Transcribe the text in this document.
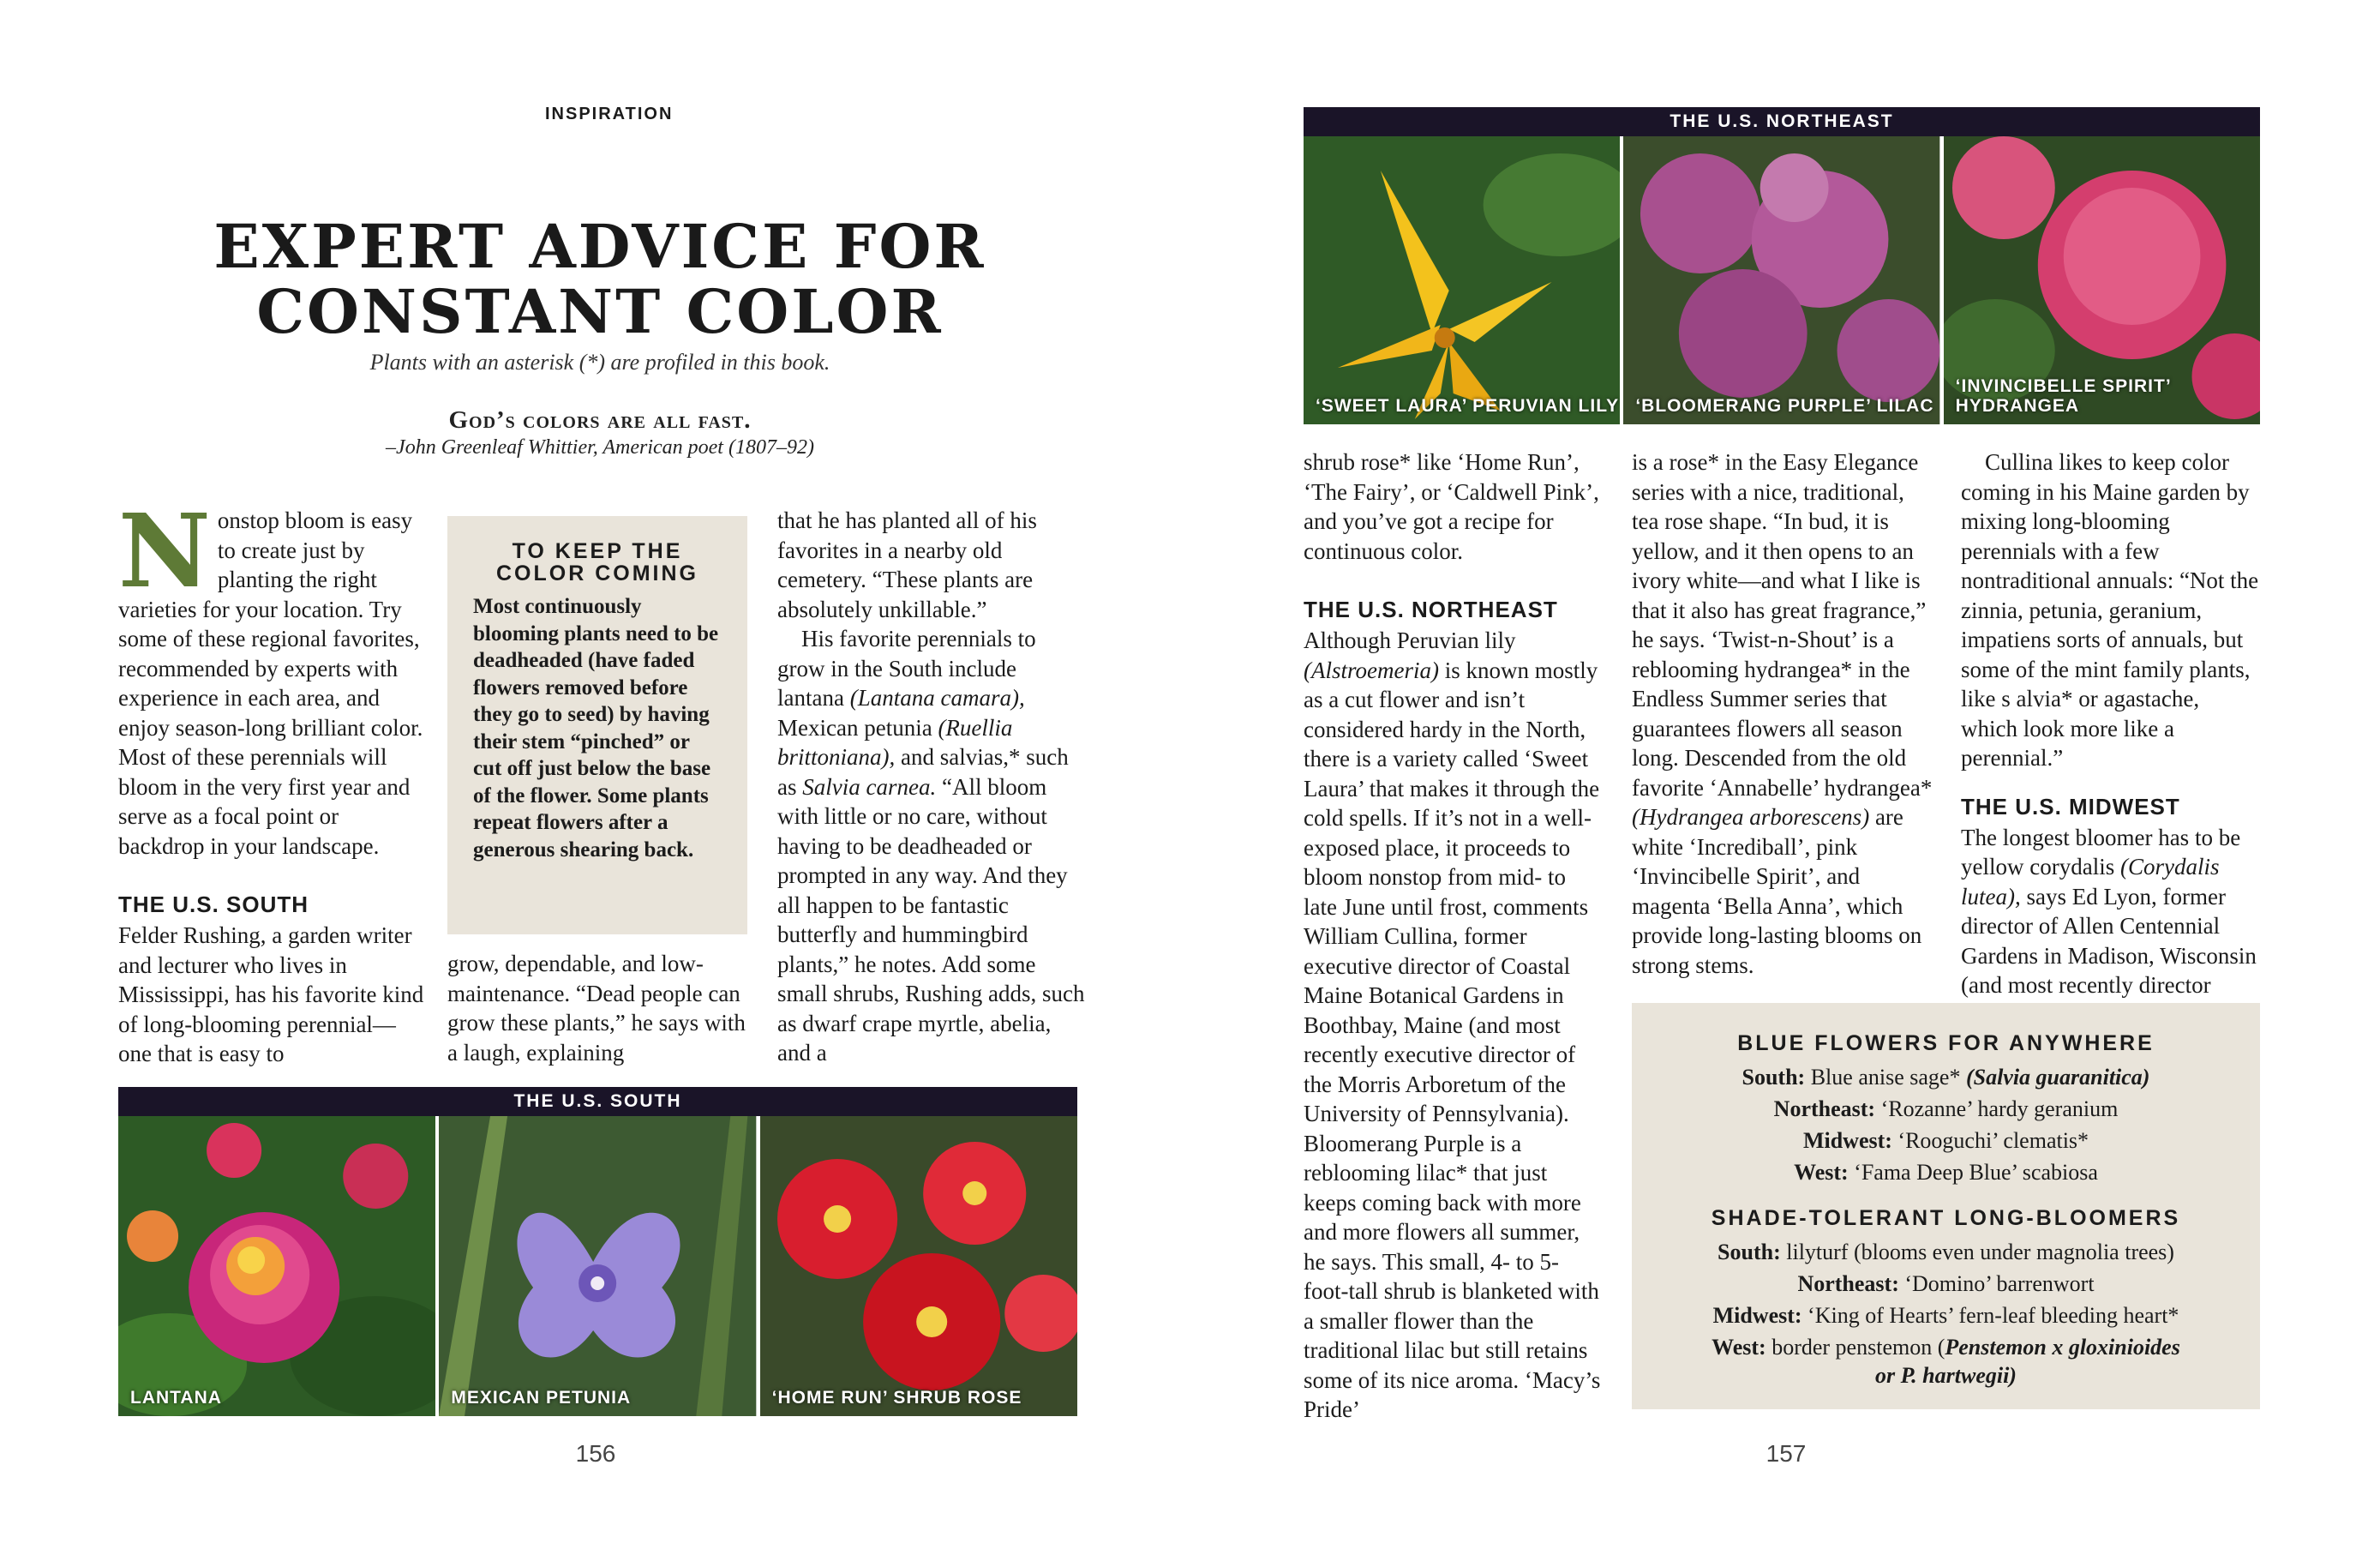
INSPIRATION
EXPERT ADVICE FOR
CONSTANT COLOR
Plants with an asterisk (*) are profiled in this book.
God’s colors are all fast.
–John Greenleaf Whittier, American poet (1807–92)

Nonstop bloom is easy to create just by planting the right varieties for your location. Try some of these regional favorites, recommended by experts with experience in each area, and enjoy season-long brilliant color. Most of these perennials will bloom in the very first year and serve as a focal point or backdrop in your landscape.

THE U.S. SOUTH

Felder Rushing, a garden writer and lecturer who lives in Mississippi, has his favorite kind of long-blooming perennial—one that is easy to

TO KEEP THE
COLOR COMING
Most continuously blooming plants need to be deadheaded (have faded flowers removed before they go to seed) by having their stem “pinched” or cut off just below the base of the flower. Some plants repeat flowers after a generous shearing back.

grow, dependable, and low-maintenance. “Dead people can grow these plants,” he says with a laugh, explaining

that he has planted all of his favorites in a nearby old cemetery. “These plants are absolutely unkillable.”

His favorite perennials to grow in the South include lantana (Lantana camara), Mexican petunia (Ruellia brittoniana), and salvias,* such as Salvia carnea. “All bloom with little or no care, without having to be deadheaded or prompted in any way. And they all happen to be fantastic butterfly and hummingbird plants,” he notes. Add some small shrubs, Rushing adds, such as dwarf crape myrtle, abelia, and a

THE U.S. SOUTH
LANTANA	MEXICAN PETUNIA	‘HOME RUN’ SHRUB ROSE
156
THE U.S. NORTHEAST
‘SWEET LAURA’ PERUVIAN LILY ‘BLOOMERANG PURPLE’ LILAC
‘INVINCIBELLE SPIRIT’
HYDRANGEA

shrub rose* like ‘Home Run’, ‘The Fairy’, or ‘Caldwell Pink’, and you’ve got a recipe for continuous color.

THE U.S. NORTHEAST

Although Peruvian lily (Alstroemeria) is known mostly as a cut flower and isn’t considered hardy in the North, there is a variety called ‘Sweet Laura’ that makes it through the cold spells. If it’s not in a well-exposed place, it proceeds to bloom nonstop from mid- to late June until frost, comments William Cullina, former executive director of Coastal Maine Botanical Gardens in Boothbay, Maine (and most recently executive director of the Morris Arboretum of the University of Pennsylvania). Bloomerang Purple is a reblooming lilac* that just keeps coming back with more and more flowers all summer, he says. This small, 4- to 5-foot-tall shrub is blanketed with a smaller flower than the traditional lilac but still retains some of its nice aroma. ‘Macy’s Pride’

is a rose* in the Easy Elegance series with a nice, traditional, tea rose shape. “In bud, it is yellow, and it then opens to an ivory white—and what I like is that it also has great fragrance,” he says. ‘Twist-n-Shout’ is a reblooming hydrangea* in the Endless Summer series that guarantees flowers all season long. Descended from the old favorite ‘Annabelle’ hydrangea* (Hydrangea arborescens) are white ‘Incrediball’, pink ‘Invincibelle Spirit’, and magenta ‘Bella Anna’, which provide long-lasting blooms on strong stems.

Cullina likes to keep color coming in his Maine garden by mixing long-blooming perennials with a few nontraditional annuals: “Not the zinnia, petunia, geranium, impatiens sorts of annuals, but some of the mint family plants, like s alvia* or agastache, which look more like a perennial.”

THE U.S. MIDWEST

The longest bloomer has to be yellow corydalis (Corydalis lutea), says Ed Lyon, former director of Allen Centennial Gardens in Madison, Wisconsin (and most recently director

BLUE FLOWERS FOR ANYWHERE
South: Blue anise sage* (Salvia guaranitica)
Northeast: ‘Rozanne’ hardy geranium
Midwest: ‘Rooguchi’ clematis*
West: ‘Fama Deep Blue’ scabiosa
SHADE-TOLERANT LONG-BLOOMERS
South: lilyturf (blooms even under magnolia trees)
Northeast: ‘Domino’ barrenwort
Midwest: ‘King of Hearts’ fern-leaf bleeding heart*
West: border penstemon (Penstemon x gloxinioides
or P. hartwegii)
157
